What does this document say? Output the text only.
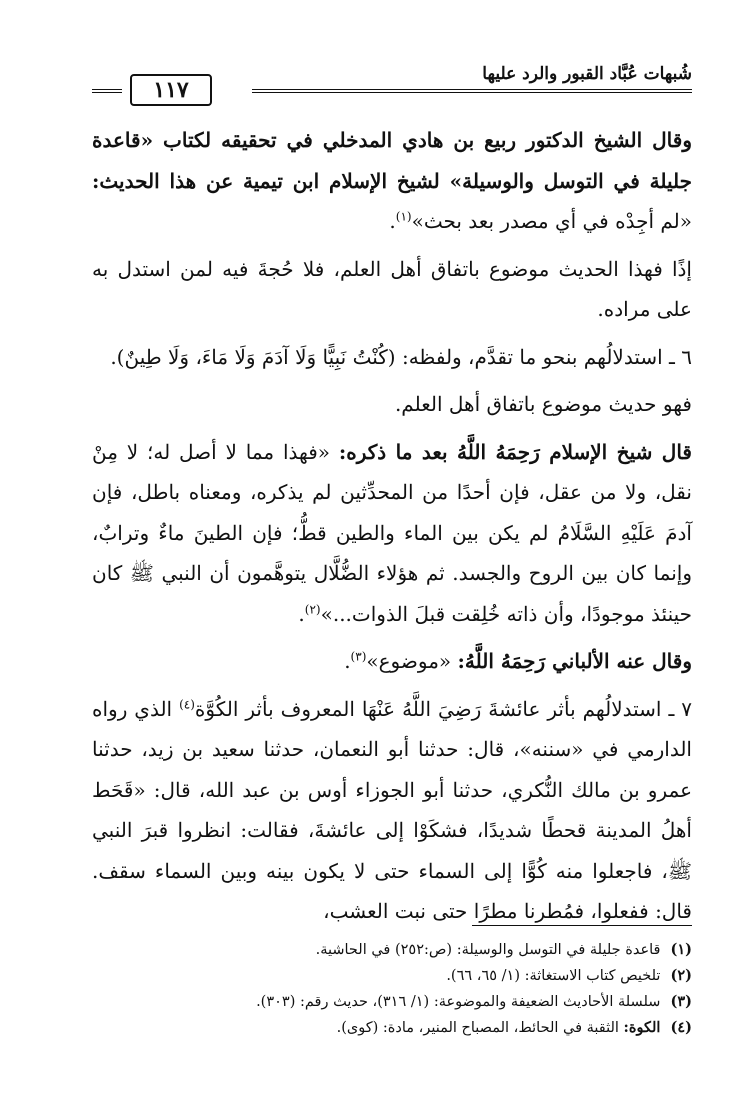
شُبهات عُبَّاد القبور والرد عليها
١١٧

وقال الشيخ الدكتور ربيع بن هادي المدخلي في تحقيقه لكتاب «قاعدة جليلة في التوسل والوسيلة» لشيخ الإسلام ابن تيمية عن هذا الحديث: «لم أجِدْه في أي مصدر بعد بحث»$^{(١)}$.

إذًا فهذا الحديث موضوع باتفاق أهل العلم، فلا حُجةَ فيه لمن استدل به على مراده.

٦ ـ استدلالُهم بنحو ما تقدَّم، ولفظه: (كُنْتُ نَبِيًّا وَلَا آدَمَ وَلَا مَاءَ، وَلَا طِينٌ).

فهو حديث موضوع باتفاق أهل العلم.

قال شيخ الإسلام رَحِمَهُ اللَّهُ بعد ما ذكره: «فهذا مما لا أصل له؛ لا مِنْ نقل، ولا من عقل، فإن أحدًا من المحدِّثين لم يذكره، ومعناه باطل، فإن آدمَ عَلَيْهِ السَّلَامُ لم يكن بين الماء والطين قطُّ؛ فإن الطينَ ماءٌ وترابٌ، وإنما كان بين الروح والجسد. ثم هؤلاء الضُّلَّال يتوهَّمون أن النبي ﷺ كان حينئذ موجودًا، وأن ذاته خُلِقت قبلَ الذوات...»$^{(٢)}$.

وقال عنه الألباني رَحِمَهُ اللَّهُ: «موضوع»$^{(٣)}$.

٧ ـ استدلالُهم بأثر عائشةَ رَضِيَ اللَّهُ عَنْهَا المعروف بأثر الكُوَّة$^{(٤)}$ الذي رواه الدارمي في «سننه»، قال: حدثنا أبو النعمان، حدثنا سعيد بن زيد، حدثنا عمرو بن مالك النُّكري، حدثنا أبو الجوزاء أوس بن عبد الله، قال: «قَحَط أهلُ المدينة قحطًا شديدًا، فشكَوْا إلى عائشةَ، فقالت: انظروا قبرَ النبي ﷺ، فاجعلوا منه كُوًّا إلى السماء حتى لا يكون بينه وبين السماء سقف. قال: ففعلوا، فمُطرنا مطرًا حتى نبت العشب،

(١)قاعدة جليلة في التوسل والوسيلة: (ص:٢٥٢) في الحاشية.

(٢)تلخيص كتاب الاستغاثة: (١/ ٦٥، ٦٦).

(٣)سلسلة الأحاديث الضعيفة والموضوعة: (١/ ٣١٦)، حديث رقم: (٣٠٣).

(٤)الكوة: الثقبة في الحائط، المصباح المنير، مادة: (كوى).
